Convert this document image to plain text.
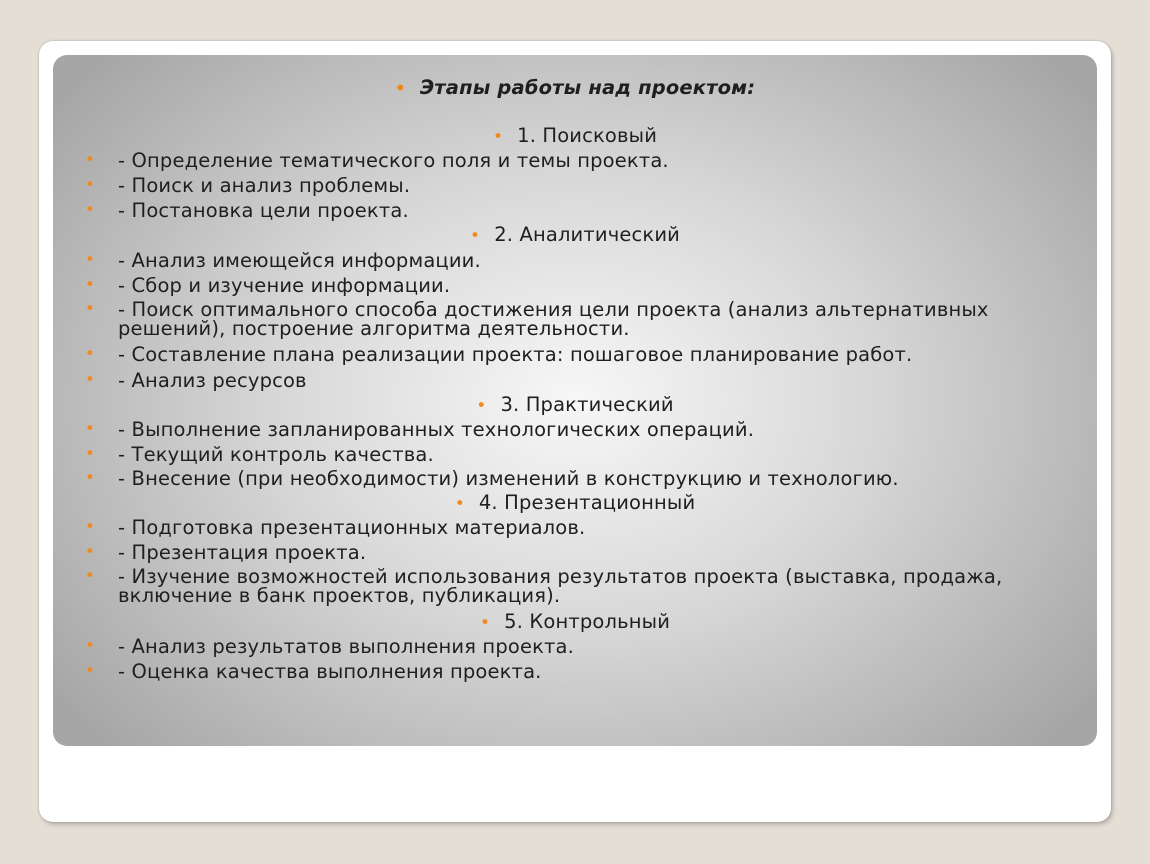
• Этапы работы над проектом:
• 1. Поисковый
• - Определение тематического поля и темы проекта.
• - Поиск и анализ проблемы.
• - Постановка цели проекта.
• 2. Аналитический
• - Анализ имеющейся информации.
• - Сбор и изучение информации.
• - Поиск оптимального способа достижения цели проекта (анализ альтернативных
решений), построение алгоритма деятельности.
• - Составление плана реализации проекта: пошаговое планирование работ.
• - Анализ ресурсов
• 3. Практический
• - Выполнение запланированных технологических операций.
• - Текущий контроль качества.
• - Внесение (при необходимости) изменений в конструкцию и технологию.
• 4. Презентационный
• - Подготовка презентационных материалов.
• - Презентация проекта.
• - Изучение возможностей использования результатов проекта (выставка, продажа,
включение в банк проектов, публикация).
• 5. Контрольный
• - Анализ результатов выполнения проекта.
• - Оценка качества выполнения проекта.
